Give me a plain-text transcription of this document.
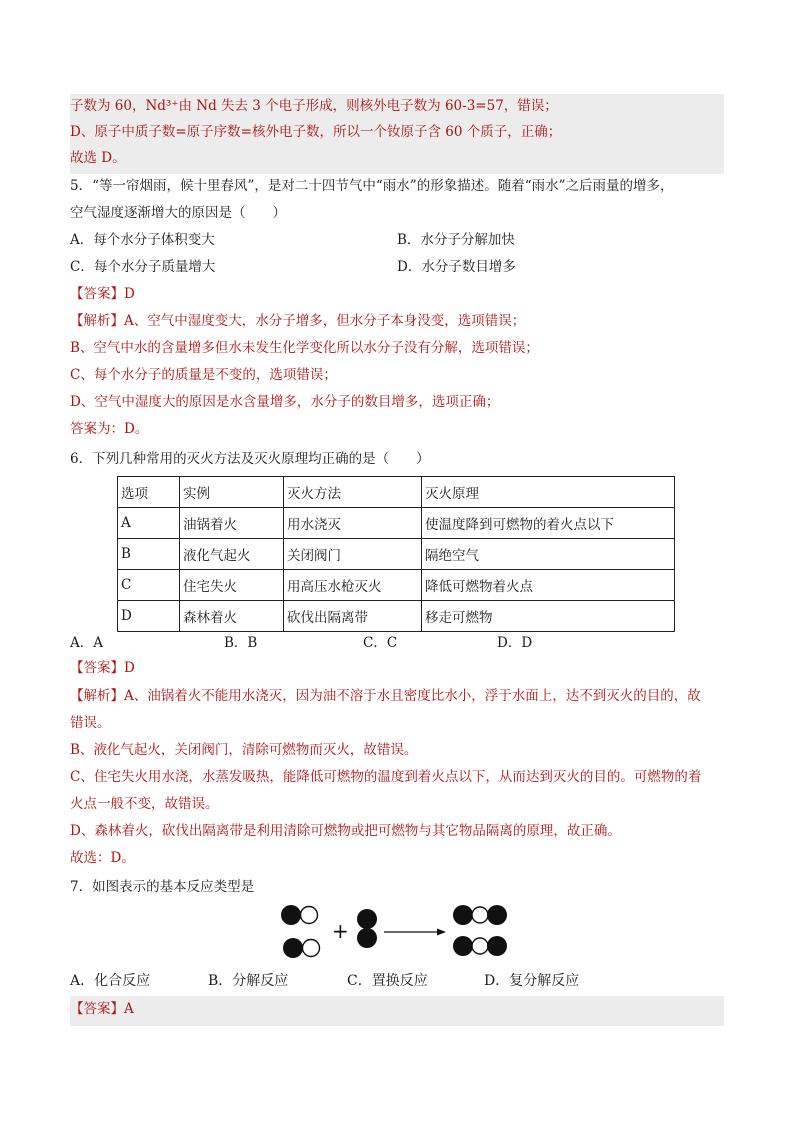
子数为 60，Nd³⁺由 Nd 失去 3 个电子形成，则核外电子数为 60-3=57，错误；
D、原子中质子数=原子序数=核外电子数，所以一个钕原子含 60 个质子，正确；
故选 D。
5．“等一帘烟雨，候十里春风”，是对二十四节气中“雨水”的形象描述。随着“雨水”之后雨量的增多，
空气湿度逐渐增大的原因是（　　）
A．每个水分子体积变大	B．水分子分解加快
C．每个水分子质量增大	D．水分子数目增多
【答案】D
【解析】A、空气中湿度变大，水分子增多，但水分子本身没变，选项错误；
B、空气中水的含量增多但水未发生化学变化所以水分子没有分解，选项错误；
C、每个水分子的质量是不变的，选项错误；
D、空气中湿度大的原因是水含量增多，水分子的数目增多，选项正确；
答案为：D。
6．下列几种常用的灭火方法及灭火原理均正确的是（　　）
选项	实例	灭火方法	灭火原理
A	油锅着火	用水浇灭	使温度降到可燃物的着火点以下
B	液化气起火	关闭阀门	隔绝空气
C	住宅失火	用高压水枪灭火	降低可燃物着火点
D	森林着火	砍伐出隔离带	移走可燃物
A．A	B．B	C．C	D．D
【答案】D
【解析】A、油锅着火不能用水浇灭，因为油不溶于水且密度比水小，浮于水面上，达不到灭火的目的，故
错误。
B、液化气起火，关闭阀门，清除可燃物而灭火，故错误。
C、住宅失火用水浇，水蒸发吸热，能降低可燃物的温度到着火点以下，从而达到灭火的目的。可燃物的着
火点一般不变，故错误。
D、森林着火，砍伐出隔离带是利用清除可燃物或把可燃物与其它物品隔离的原理，故正确。
故选：D。
7．如图表示的基本反应类型是
+
A．化合反应	B．分解反应	C．置换反应	D．复分解反应
【答案】A
